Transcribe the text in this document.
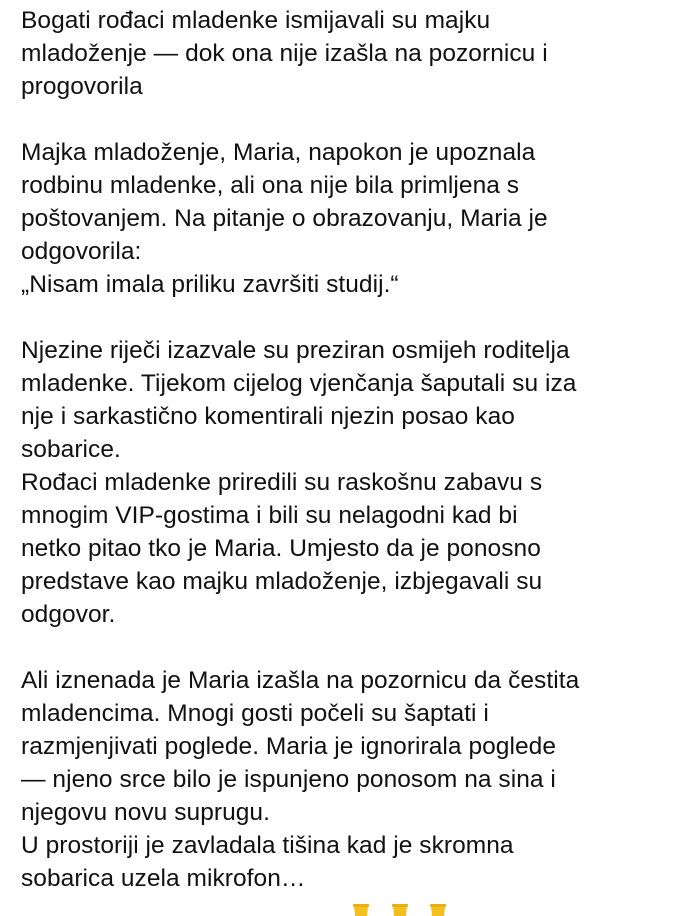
Bogati rođaci mladenke ismijavali su majku
mladoženje — dok ona nije izašla na pozornicu i
progovorila
Majka mladoženje, Maria, napokon je upoznala
rodbinu mladenke, ali ona nije bila primljena s
poštovanjem. Na pitanje o obrazovanju, Maria je
odgovorila:
„Nisam imala priliku završiti studij.“
Njezine riječi izazvale su preziran osmijeh roditelja
mladenke. Tijekom cijelog vjenčanja šaputali su iza
nje i sarkastično komentirali njezin posao kao
sobarice.
Rođaci mladenke priredili su raskošnu zabavu s
mnogim VIP-gostima i bili su nelagodni kad bi
netko pitao tko je Maria. Umjesto da je ponosno
predstave kao majku mladoženje, izbjegavali su
odgovor.
Ali iznenada je Maria izašla na pozornicu da čestita
mladencima. Mnogi gosti počeli su šaptati i
razmjenjivati poglede. Maria je ignorirala poglede
— njeno srce bilo je ispunjeno ponosom na sina i
njegovu novu suprugu.
U prostoriji je zavladala tišina kad je skromna
sobarica uzela mikrofon…
